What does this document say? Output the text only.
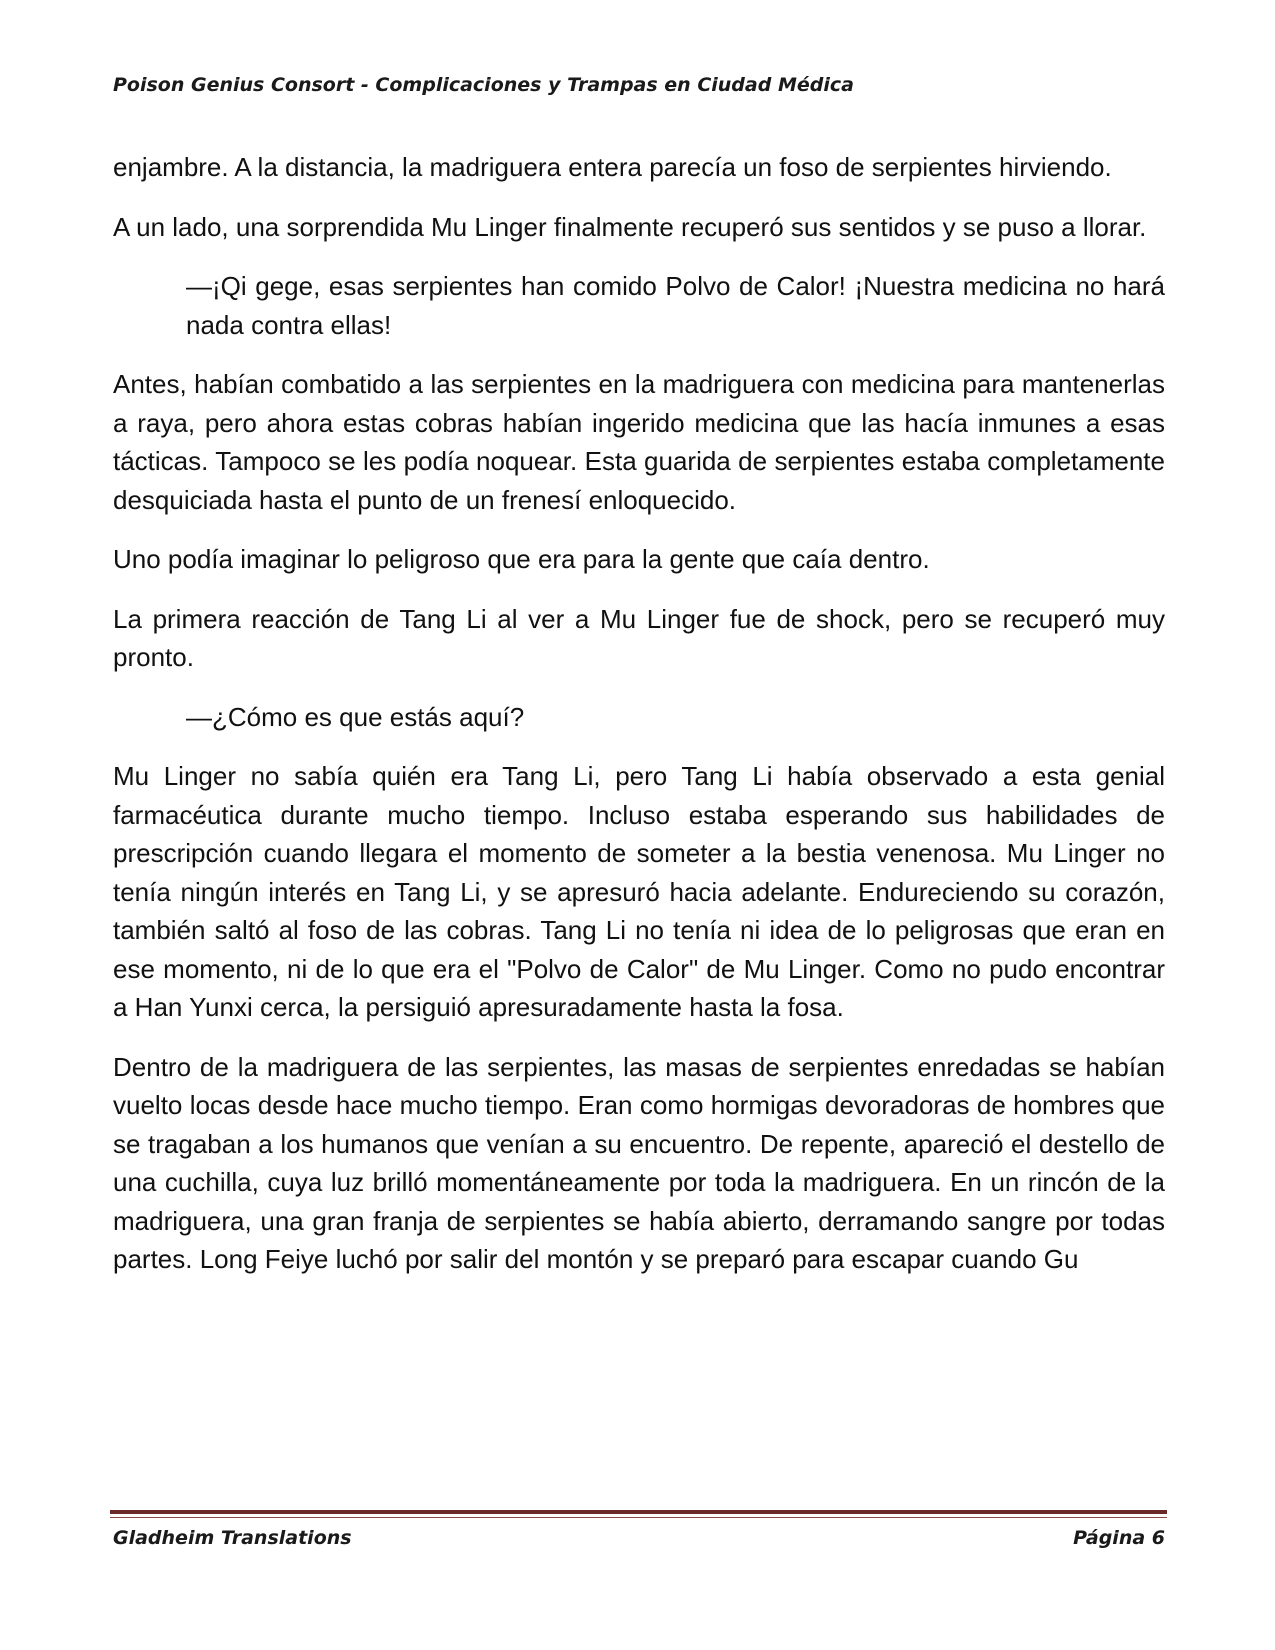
Poison Genius Consort - Complicaciones y Trampas en Ciudad Médica

enjambre. A la distancia, la madriguera entera parecía un foso de serpientes hirviendo.

A un lado, una sorprendida Mu Linger finalmente recuperó sus sentidos y se puso a llorar.

—¡Qi gege, esas serpientes han comido Polvo de Calor! ¡Nuestra medicina no hará nada contra ellas!

Antes, habían combatido a las serpientes en la madriguera con medicina para mantenerlas a raya, pero ahora estas cobras habían ingerido medicina que las hacía inmunes a esas tácticas. Tampoco se les podía noquear. Esta guarida de serpientes estaba completamente desquiciada hasta el punto de un frenesí enloquecido.

Uno podía imaginar lo peligroso que era para la gente que caía dentro.

La primera reacción de Tang Li al ver a Mu Linger fue de shock, pero se recuperó muy pronto.

—¿Cómo es que estás aquí?

Mu Linger no sabía quién era Tang Li, pero Tang Li había observado a esta genial farmacéutica durante mucho tiempo. Incluso estaba esperando sus habilidades de prescripción cuando llegara el momento de someter a la bestia venenosa. Mu Linger no tenía ningún interés en Tang Li, y se apresuró hacia adelante. Endureciendo su corazón, también saltó al foso de las cobras. Tang Li no tenía ni idea de lo peligrosas que eran en ese momento, ni de lo que era el "Polvo de Calor" de Mu Linger. Como no pudo encontrar a Han Yunxi cerca, la persiguió apresuradamente hasta la fosa.

Dentro de la madriguera de las serpientes, las masas de serpientes enredadas se habían vuelto locas desde hace mucho tiempo. Eran como hormigas devoradoras de hombres que se tragaban a los humanos que venían a su encuentro. De repente, apareció el destello de una cuchilla, cuya luz brilló momentáneamente por toda la madriguera. En un rincón de la madriguera, una gran franja de serpientes se había abierto, derramando sangre por todas partes. Long Feiye luchó por salir del montón y se preparó para escapar cuando Gu

Gladheim Translations	Página 6
